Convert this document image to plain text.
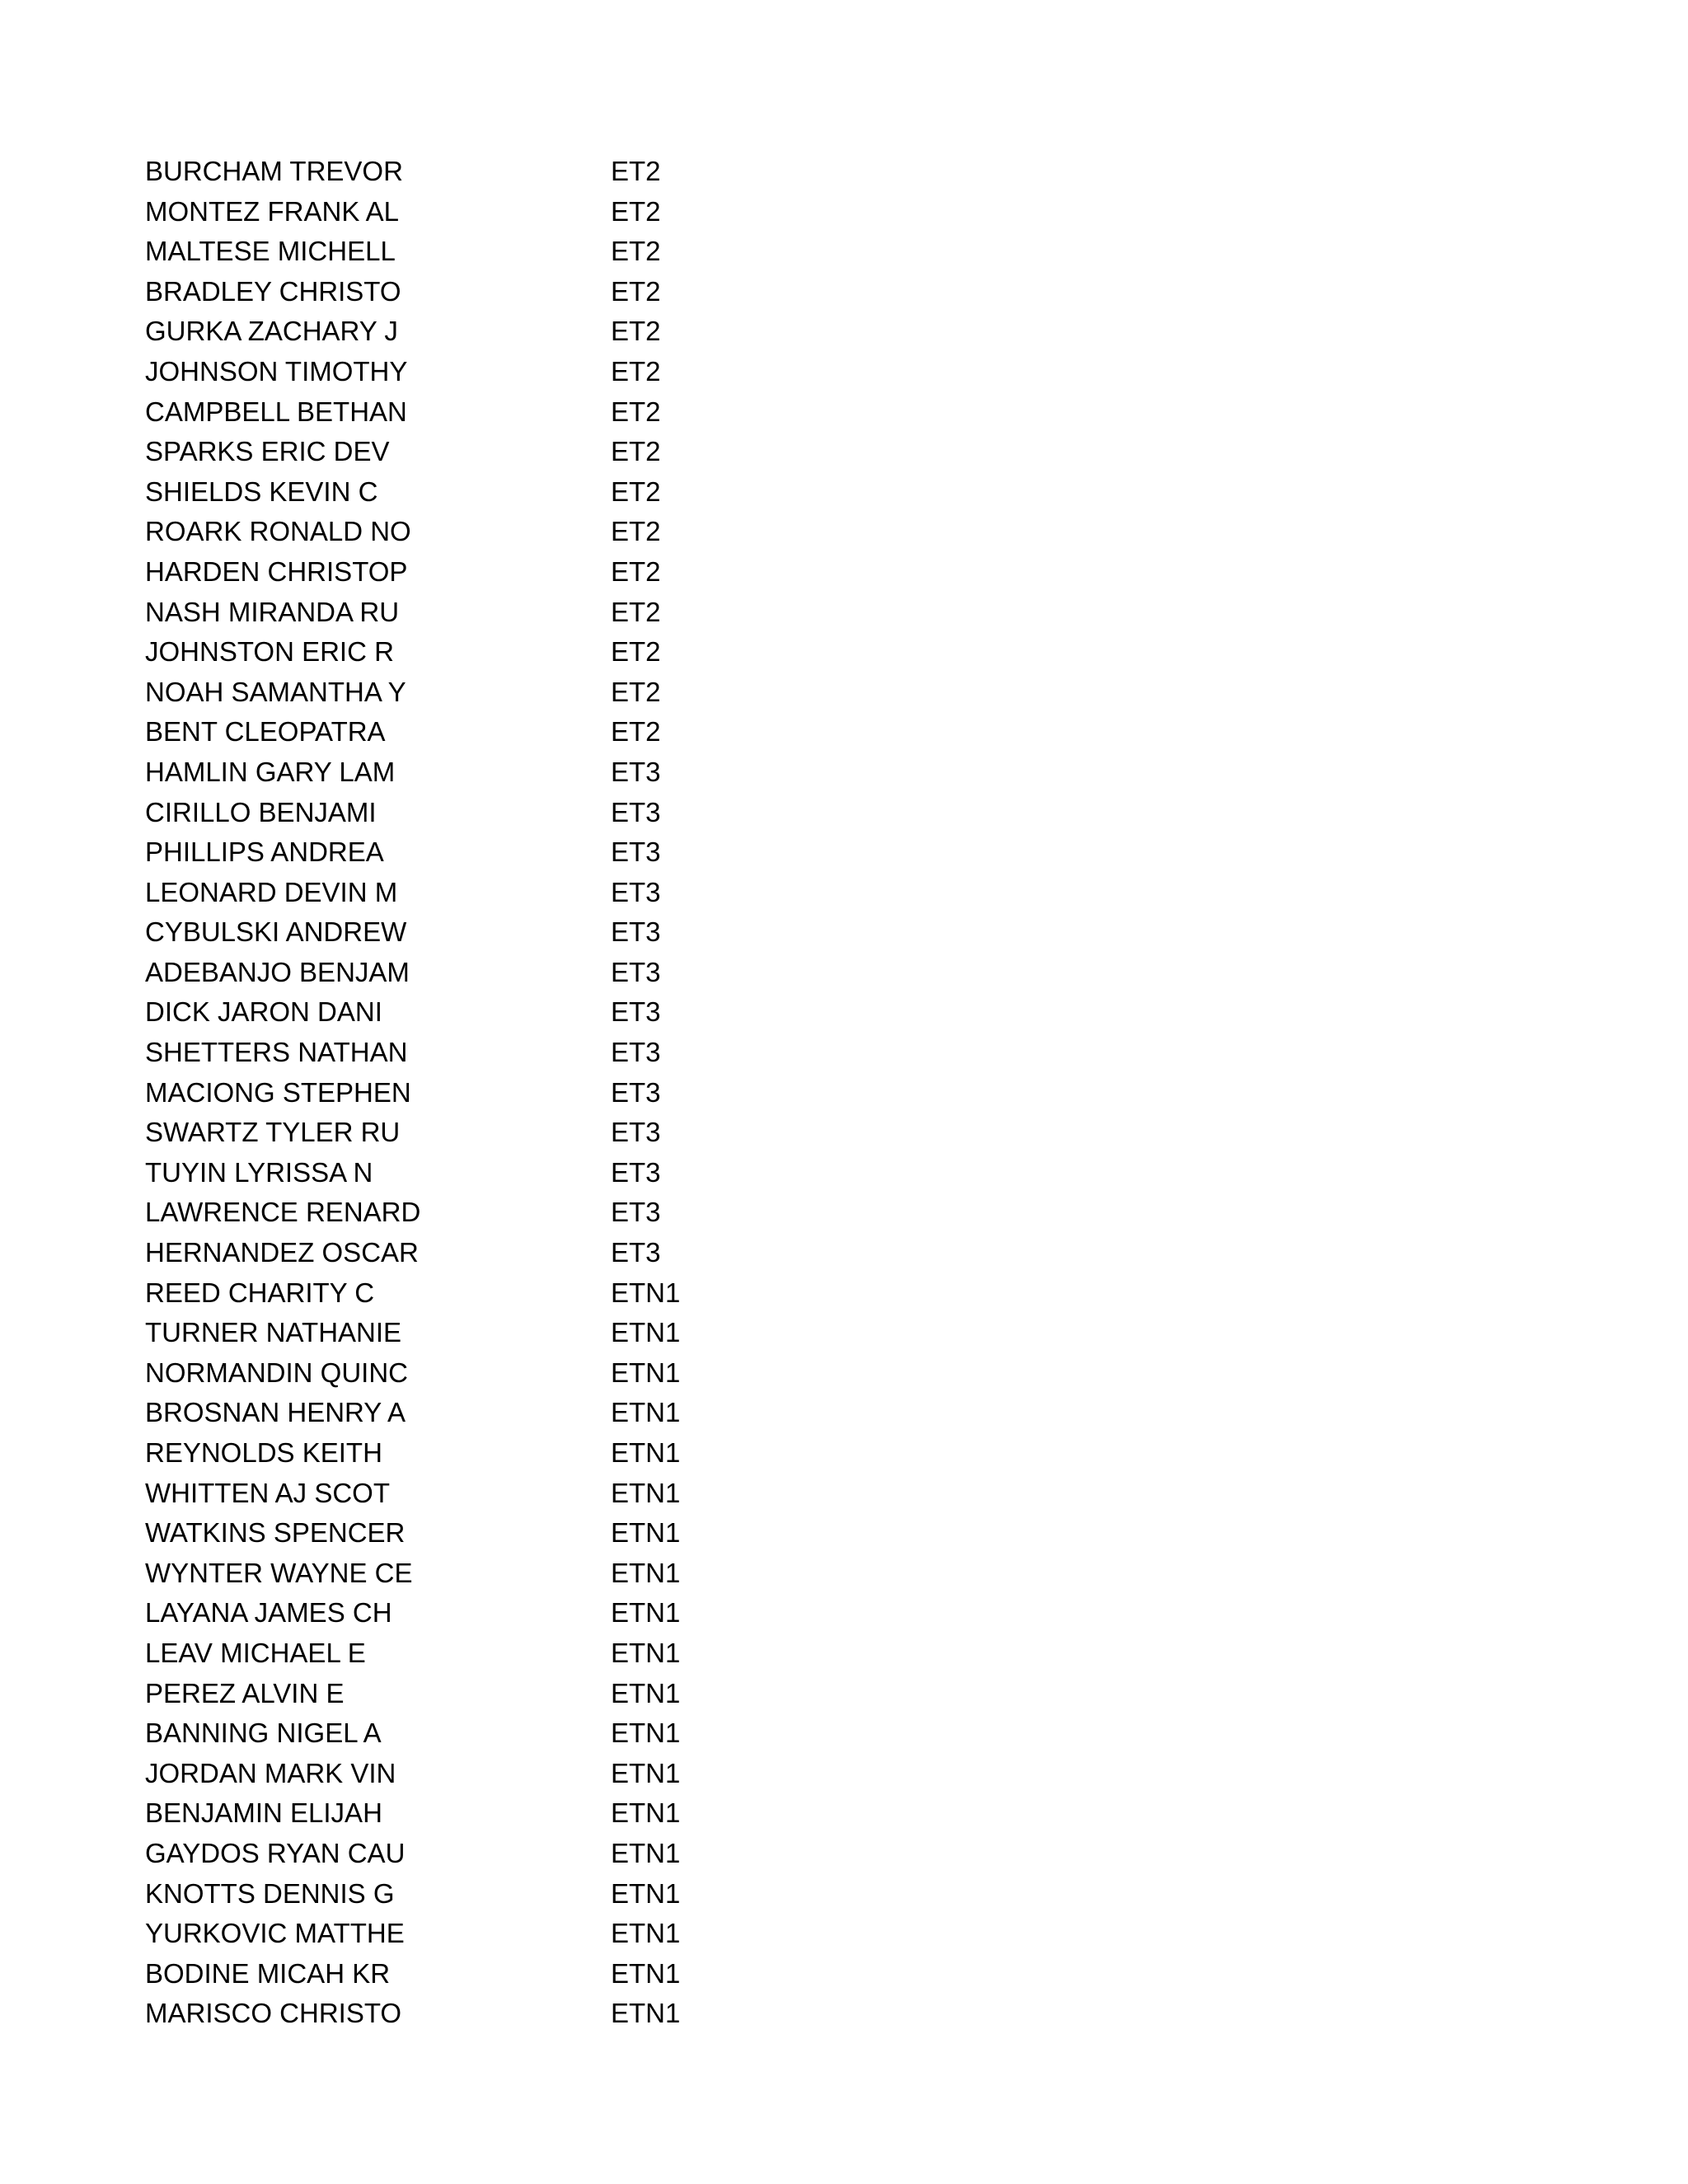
BURCHAM TREVOR	ET2
MONTEZ FRANK AL	ET2
MALTESE MICHELL	ET2
BRADLEY CHRISTO	ET2
GURKA ZACHARY J	ET2
JOHNSON TIMOTHY	ET2
CAMPBELL BETHAN	ET2
SPARKS ERIC DEV	ET2
SHIELDS KEVIN C	ET2
ROARK RONALD NO	ET2
HARDEN CHRISTOP	ET2
NASH MIRANDA RU	ET2
JOHNSTON ERIC R	ET2
NOAH SAMANTHA Y	ET2
BENT CLEOPATRA	ET2
HAMLIN GARY LAM	ET3
CIRILLO BENJAMI	ET3
PHILLIPS ANDREA	ET3
LEONARD DEVIN M	ET3
CYBULSKI ANDREW	ET3
ADEBANJO BENJAM	ET3
DICK JARON DANI	ET3
SHETTERS NATHAN	ET3
MACIONG STEPHEN	ET3
SWARTZ TYLER RU	ET3
TUYIN LYRISSA N	ET3
LAWRENCE RENARD	ET3
HERNANDEZ OSCAR	ET3
REED CHARITY C	ETN1
TURNER NATHANIE	ETN1
NORMANDIN QUINC	ETN1
BROSNAN HENRY A	ETN1
REYNOLDS KEITH	ETN1
WHITTEN AJ SCOT	ETN1
WATKINS SPENCER	ETN1
WYNTER WAYNE CE	ETN1
LAYANA JAMES CH	ETN1
LEAV MICHAEL E	ETN1
PEREZ ALVIN E	ETN1
BANNING NIGEL A	ETN1
JORDAN MARK VIN	ETN1
BENJAMIN ELIJAH	ETN1
GAYDOS RYAN CAU	ETN1
KNOTTS DENNIS G	ETN1
YURKOVIC MATTHE	ETN1
BODINE MICAH KR	ETN1
MARISCO CHRISTO	ETN1
